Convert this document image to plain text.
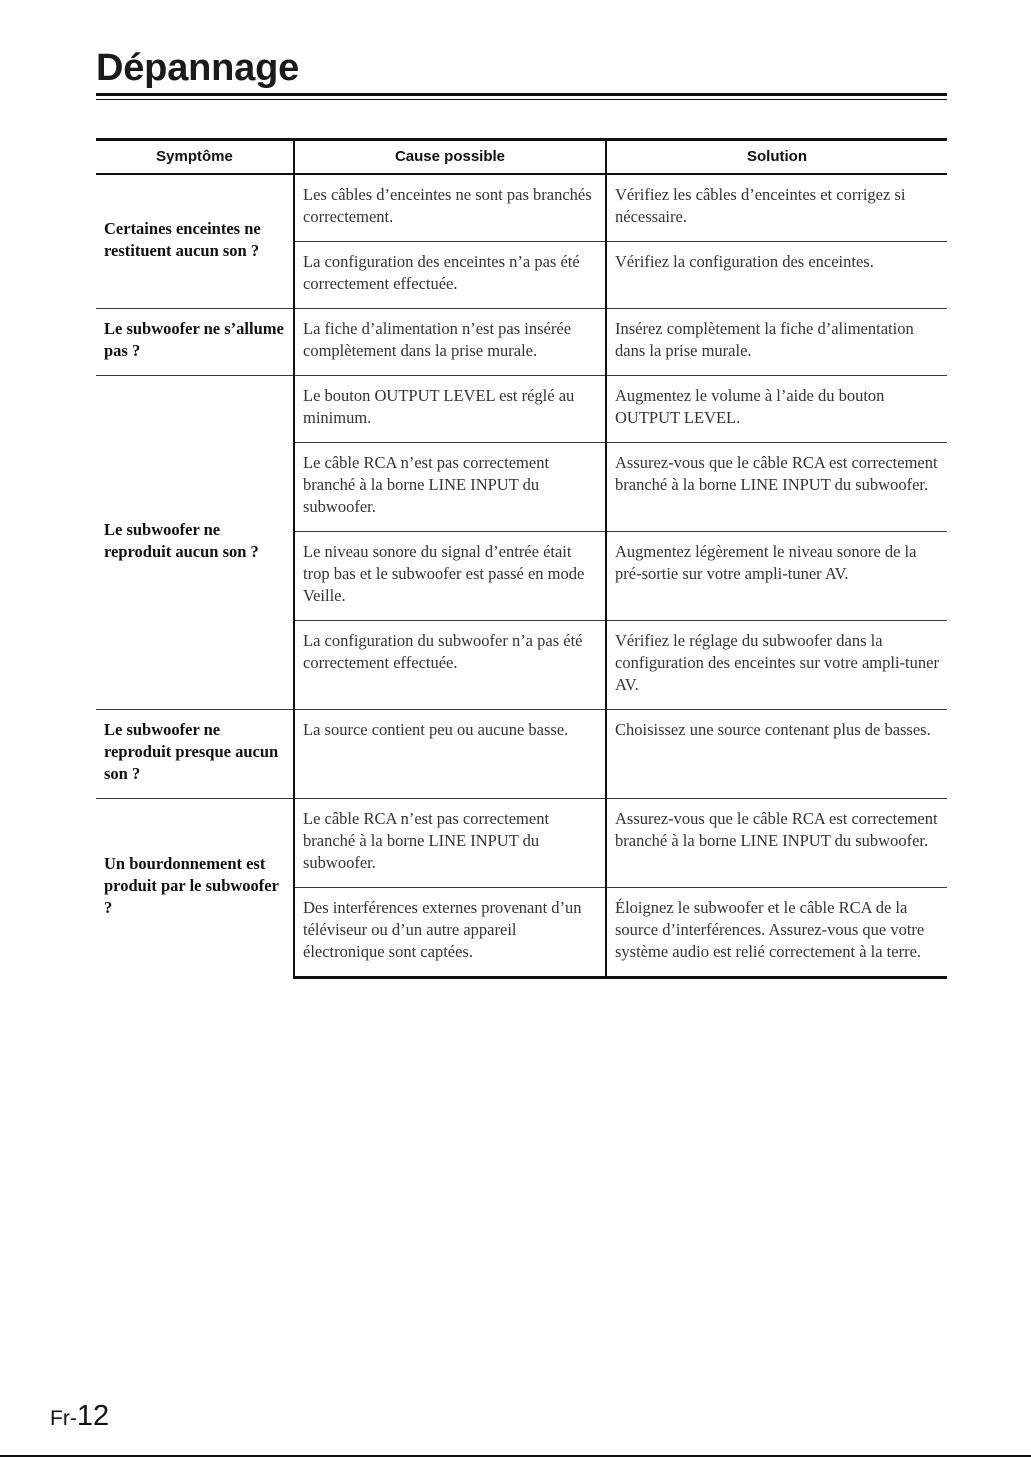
Dépannage
Symptôme	Cause possible	Solution
Certaines enceintes ne restituent aucun son ?	Les câbles d’enceintes ne sont pas branchés correctement.	Vérifiez les câbles d’enceintes et corrigez si nécessaire.
	La configuration des enceintes n’a pas été correctement effectuée.	Vérifiez la configuration des enceintes.
Le subwoofer ne s’allume pas ?	La fiche d’alimentation n’est pas insérée complètement dans la prise murale.	Insérez complètement la fiche d’alimentation dans la prise murale.
Le subwoofer ne reproduit aucun son ?	Le bouton OUTPUT LEVEL est réglé au minimum.	Augmentez le volume à l’aide du bouton OUTPUT LEVEL.
	Le câble RCA n’est pas correctement branché à la borne LINE INPUT du subwoofer.	Assurez-vous que le câble RCA est correctement branché à la borne LINE INPUT du subwoofer.
	Le niveau sonore du signal d’entrée était trop bas et le subwoofer est passé en mode Veille.	Augmentez légèrement le niveau sonore de la pré-sortie sur votre ampli-tuner AV.
	La configuration du subwoofer n’a pas été correctement effectuée.	Vérifiez le réglage du subwoofer dans la configuration des enceintes sur votre ampli-tuner AV.
Le subwoofer ne reproduit presque aucun son ?	La source contient peu ou aucune basse.	Choisissez une source contenant plus de basses.
Un bourdonnement est produit par le subwoofer ?	Le câble RCA n’est pas correctement branché à la borne LINE INPUT du subwoofer.	Assurez-vous que le câble RCA est correctement branché à la borne LINE INPUT du subwoofer.
	Des interférences externes provenant d’un téléviseur ou d’un autre appareil électronique sont captées.	Éloignez le subwoofer et le câble RCA de la source d’interférences. Assurez-vous que votre système audio est relié correctement à la terre.
Fr-12
